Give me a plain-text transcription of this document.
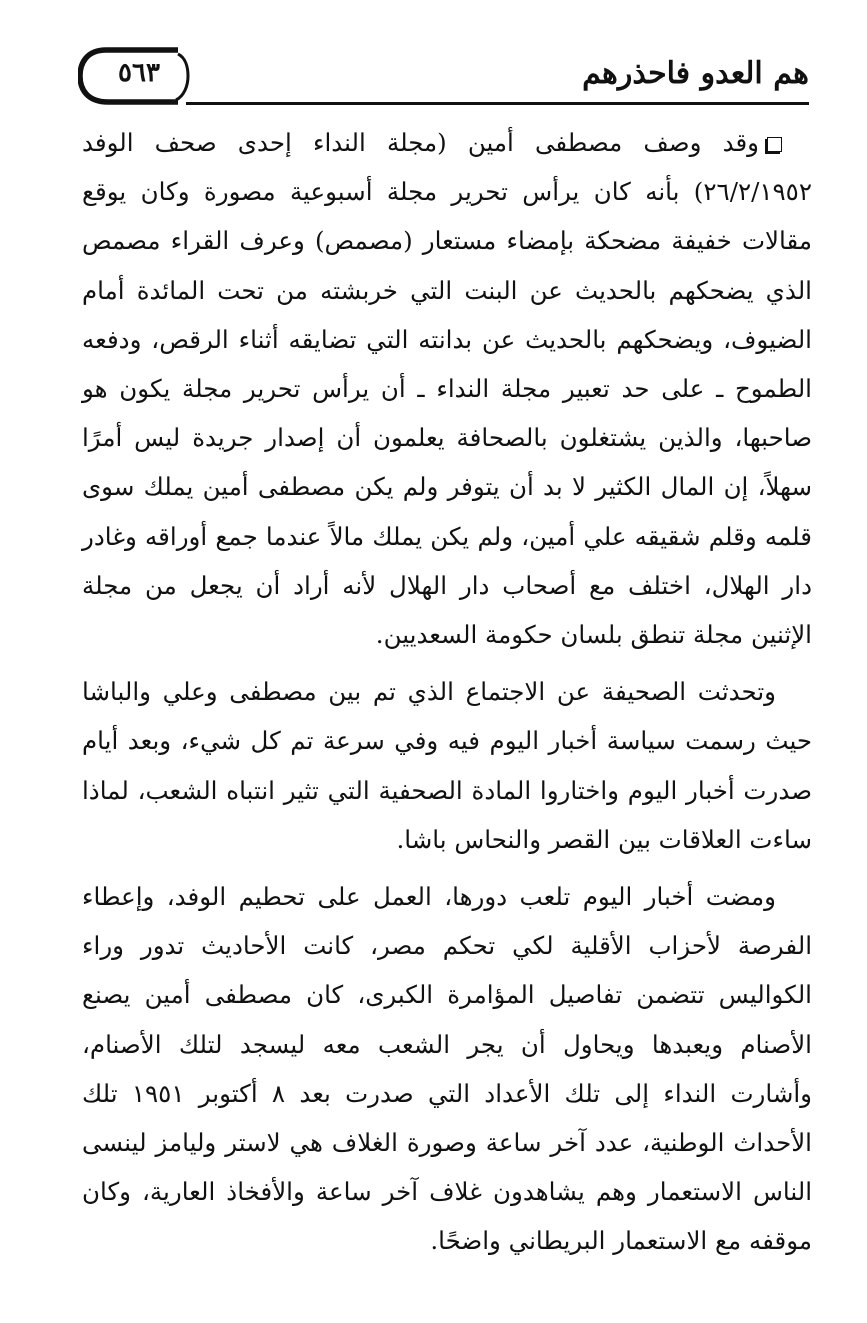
٥٦٣	هم العدو فاحذرهم

وقد وصف مصطفى أمين (مجلة النداء إحدى صحف الوفد ٢٦/٢/١٩٥٢) بأنه كان يرأس تحرير مجلة أسبوعية مصورة وكان يوقع مقالات خفيفة مضحكة بإمضاء مستعار (مصمص) وعرف القراء مصمص الذي يضحكهم بالحديث عن البنت التي خربشته من تحت المائدة أمام الضيوف، ويضحكهم بالحديث عن بدانته التي تضايقه أثناء الرقص، ودفعه الطموح ـ على حد تعبير مجلة النداء ـ أن يرأس تحرير مجلة يكون هو صاحبها، والذين يشتغلون بالصحافة يعلمون أن إصدار جريدة ليس أمرًا سهلاً، إن المال الكثير لا بد أن يتوفر ولم يكن مصطفى أمين يملك سوى قلمه وقلم شقيقه علي أمين، ولم يكن يملك مالاً عندما جمع أوراقه وغادر دار الهلال، اختلف مع أصحاب دار الهلال لأنه أراد أن يجعل من مجلة الإثنين مجلة تنطق بلسان حكومة السعديين.

وتحدثت الصحيفة عن الاجتماع الذي تم بين مصطفى وعلي والباشا حيث رسمت سياسة أخبار اليوم فيه وفي سرعة تم كل شيء، وبعد أيام صدرت أخبار اليوم واختاروا المادة الصحفية التي تثير انتباه الشعب، لماذا ساءت العلاقات بين القصر والنحاس باشا.

ومضت أخبار اليوم تلعب دورها، العمل على تحطيم الوفد، وإعطاء الفرصة لأحزاب الأقلية لكي تحكم مصر، كانت الأحاديث تدور وراء الكواليس تتضمن تفاصيل المؤامرة الكبرى، كان مصطفى أمين يصنع الأصنام ويعبدها ويحاول أن يجر الشعب معه ليسجد لتلك الأصنام، وأشارت النداء إلى تلك الأعداد التي صدرت بعد ٨ أكتوبر ١٩٥١ تلك الأحداث الوطنية، عدد آخر ساعة وصورة الغلاف هي لاستر وليامز لينسى الناس الاستعمار وهم يشاهدون غلاف آخر ساعة والأفخاذ العارية، وكان موقفه مع الاستعمار البريطاني واضحًا.
